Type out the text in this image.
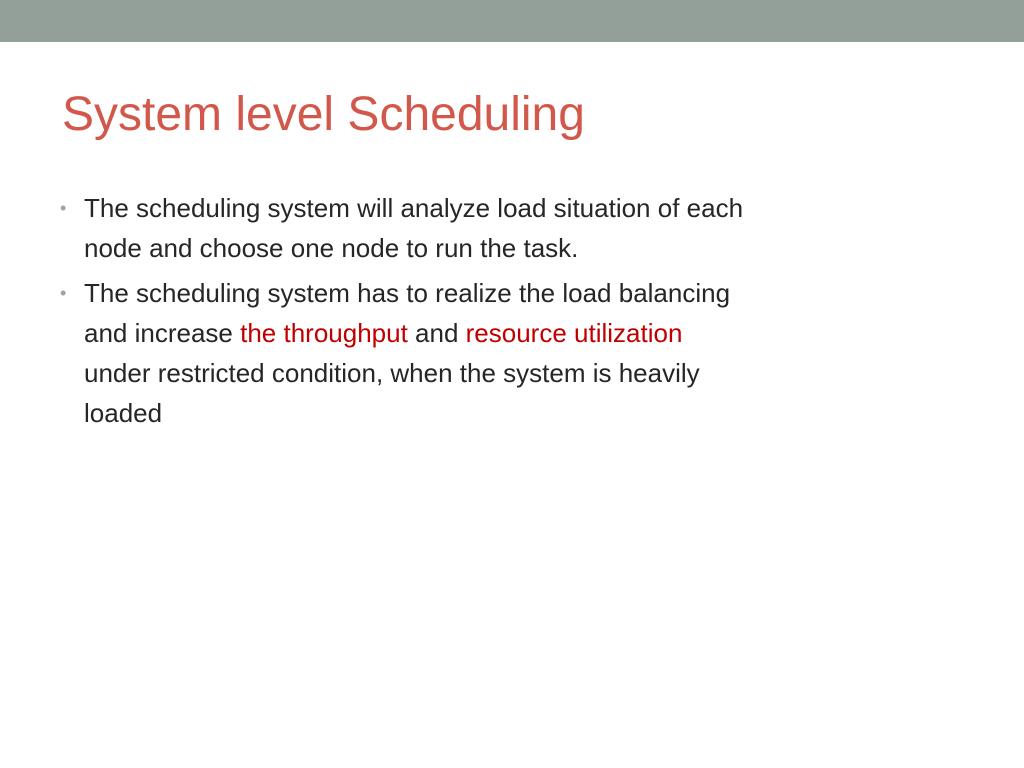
System level Scheduling
• The scheduling system will analyze load situation of each
node and choose one node to run the task.
• The scheduling system has to realize the load balancing
and increase the throughput and resource utilization
under restricted condition, when the system is heavily
loaded
